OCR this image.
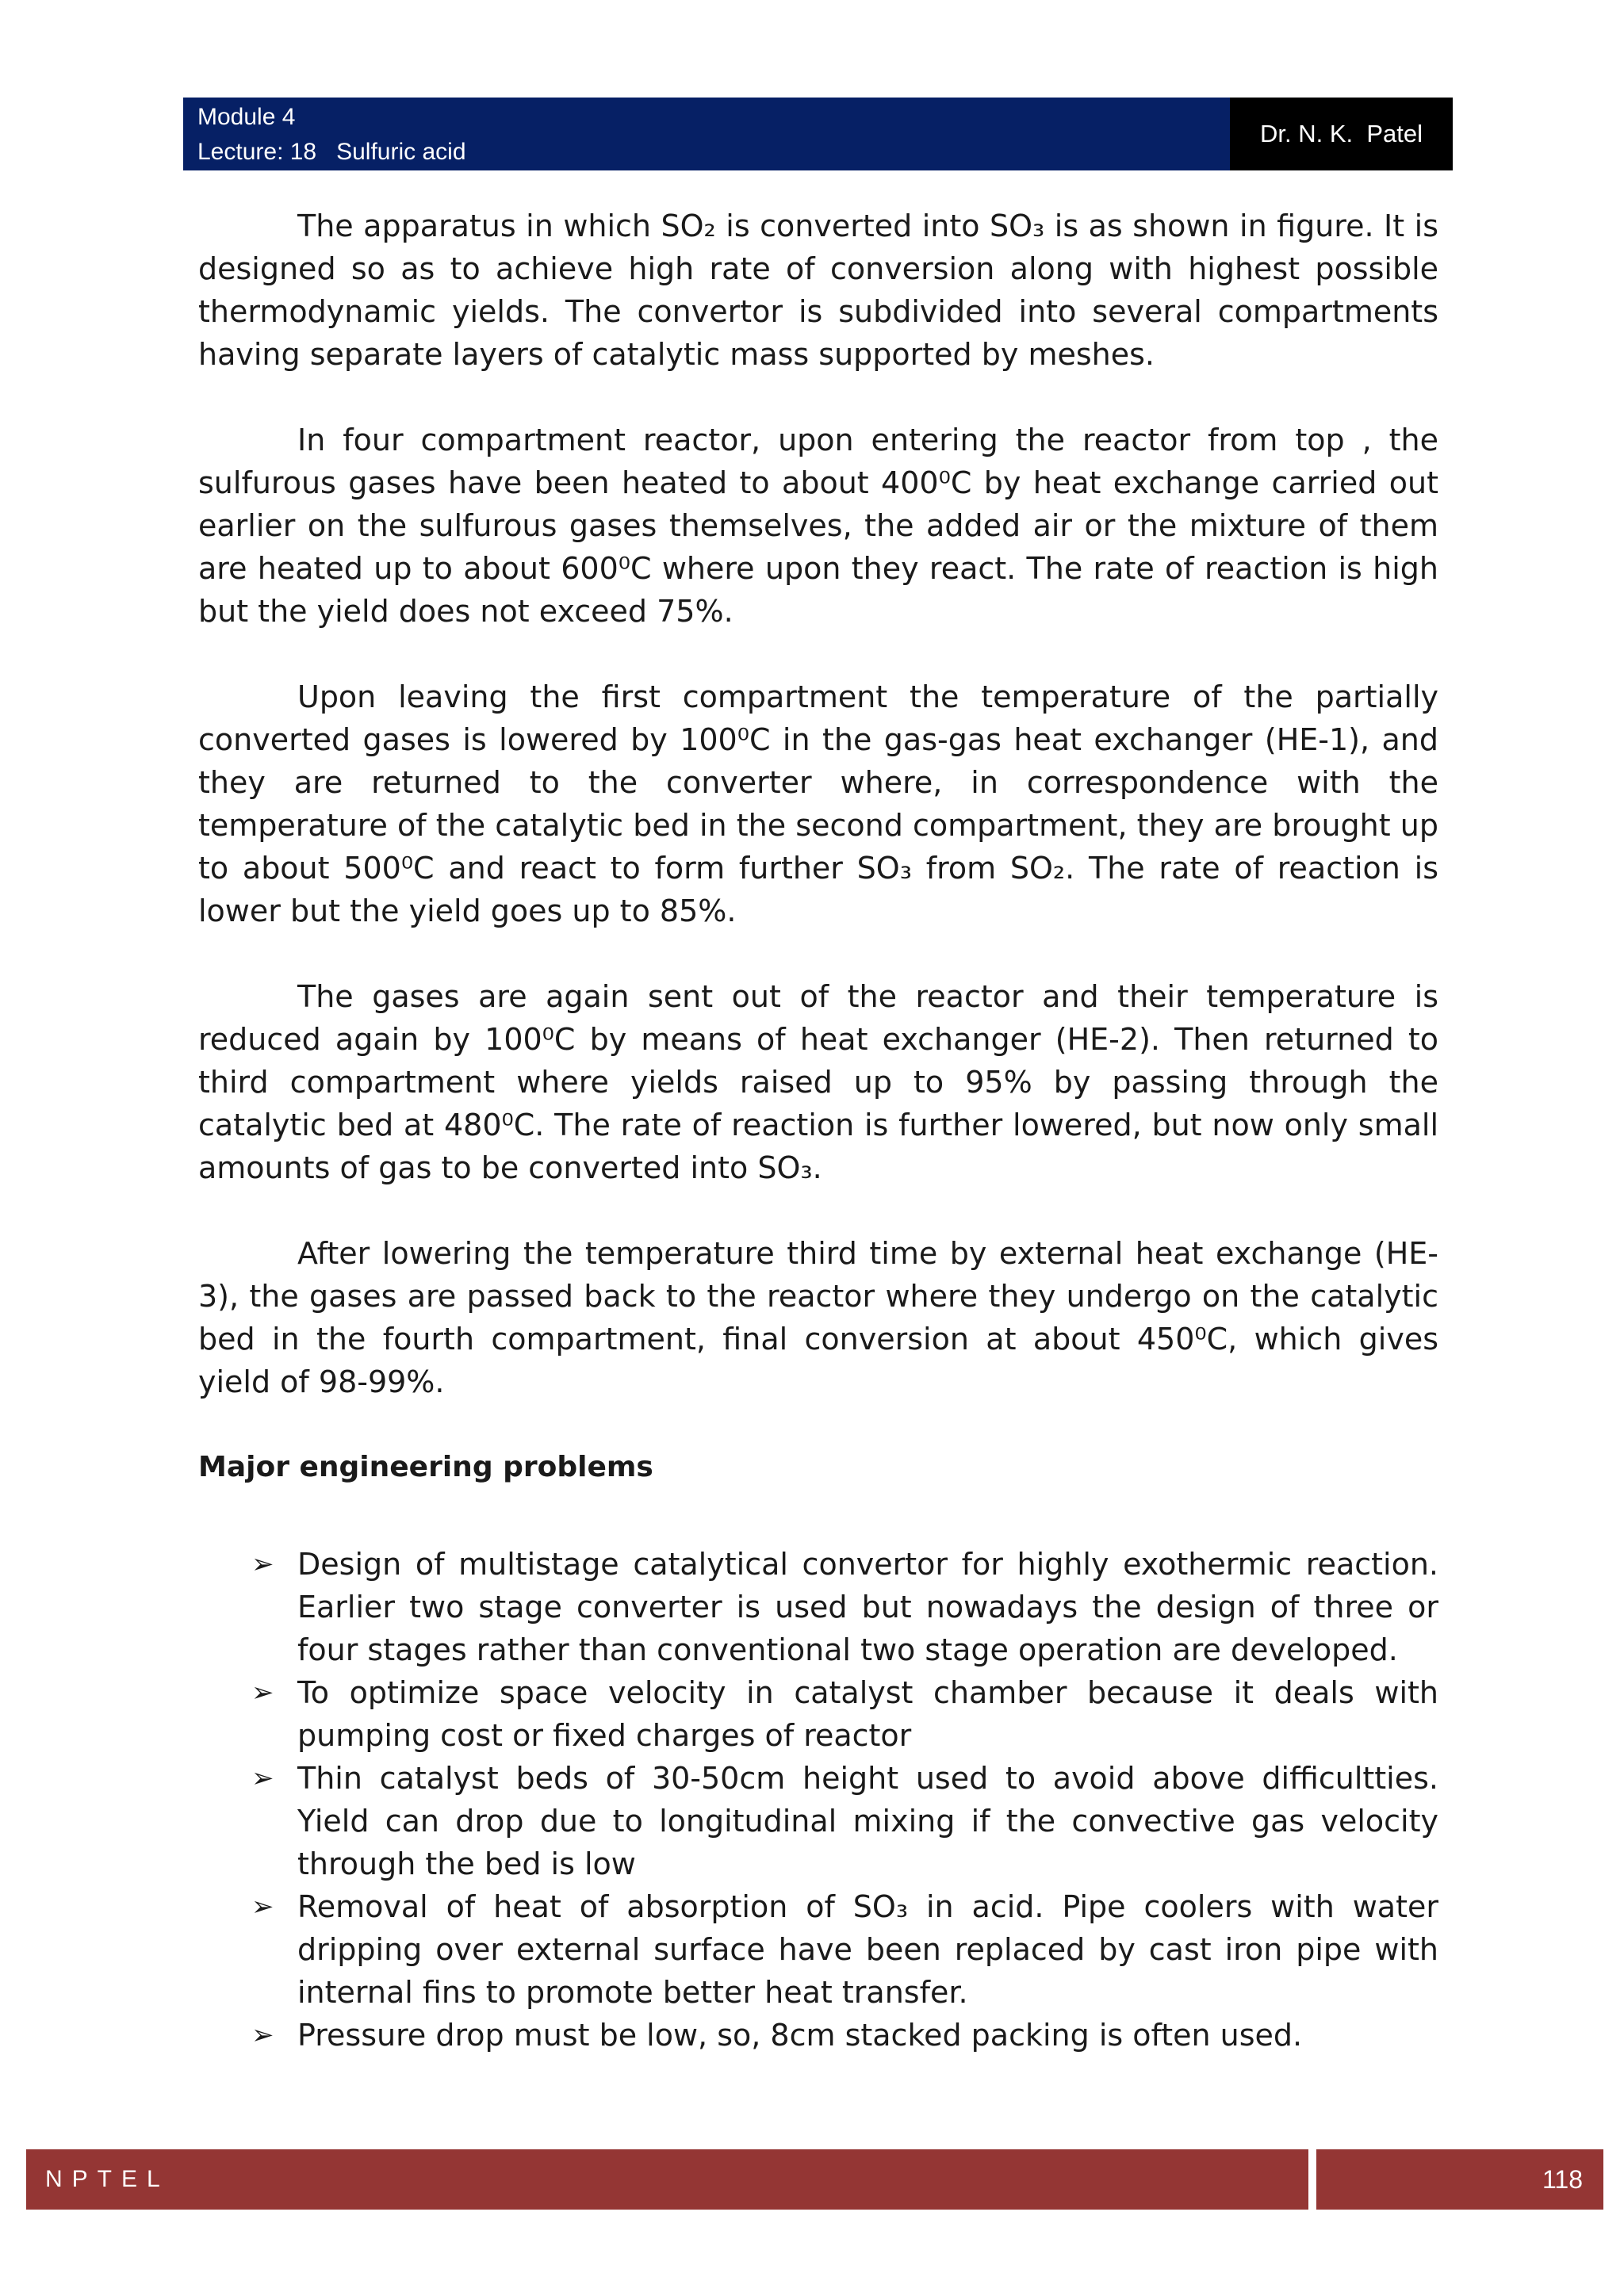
Module 4
Lecture: 18   Sulfuric acid
Dr. N. K.  Patel

The apparatus in which SO₂ is converted into SO₃ is as shown in figure. It is designed so as to achieve high rate of conversion along with highest possible thermodynamic yields. The convertor is subdivided into several compartments having separate layers of catalytic mass supported by meshes.

In four compartment reactor, upon entering the reactor from top , the sulfurous gases have been heated to about 400⁰C by heat exchange carried out earlier on the sulfurous gases themselves, the added air or the mixture of them are heated up to about 600⁰C where upon they react. The rate of reaction is high but the yield does not exceed 75%.

Upon leaving the first compartment the temperature of the partially converted gases is lowered by 100⁰C in the gas-gas heat exchanger (HE-1), and they are returned to the converter where, in correspondence with the temperature of the catalytic bed in the second compartment, they are brought up to about 500⁰C and react to form further SO₃ from SO₂. The rate of reaction is lower but the yield goes up to 85%.

The gases are again sent out of the reactor and their temperature is reduced again by 100⁰C by means of heat exchanger (HE-2). Then returned to third compartment where yields raised up to 95% by passing through the catalytic bed at 480⁰C. The rate of reaction is further lowered, but now only small amounts of gas to be converted into SO₃.

After lowering the temperature third time by external heat exchange (HE-3), the gases are passed back to the reactor where they undergo on the catalytic bed in the fourth compartment, final conversion at about 450⁰C, which gives yield of 98-99%.

Major engineering problems
➢ Design of multistage catalytical convertor for highly exothermic reaction. Earlier two stage converter is used but nowadays the design of three or four stages rather than conventional two stage operation are developed.
➢ To optimize space velocity in catalyst chamber because it deals with pumping cost or fixed charges of reactor
➢ Thin catalyst beds of 30-50cm height used to avoid above difficultties. Yield can drop due to longitudinal mixing if the convective gas velocity through the bed is low
➢ Removal of heat of absorption of SO₃ in acid. Pipe coolers with water dripping over external surface have been replaced by cast iron pipe with internal fins to promote better heat transfer.
➢ Pressure drop must be low, so, 8cm stacked packing is often used.
NPTEL	118
